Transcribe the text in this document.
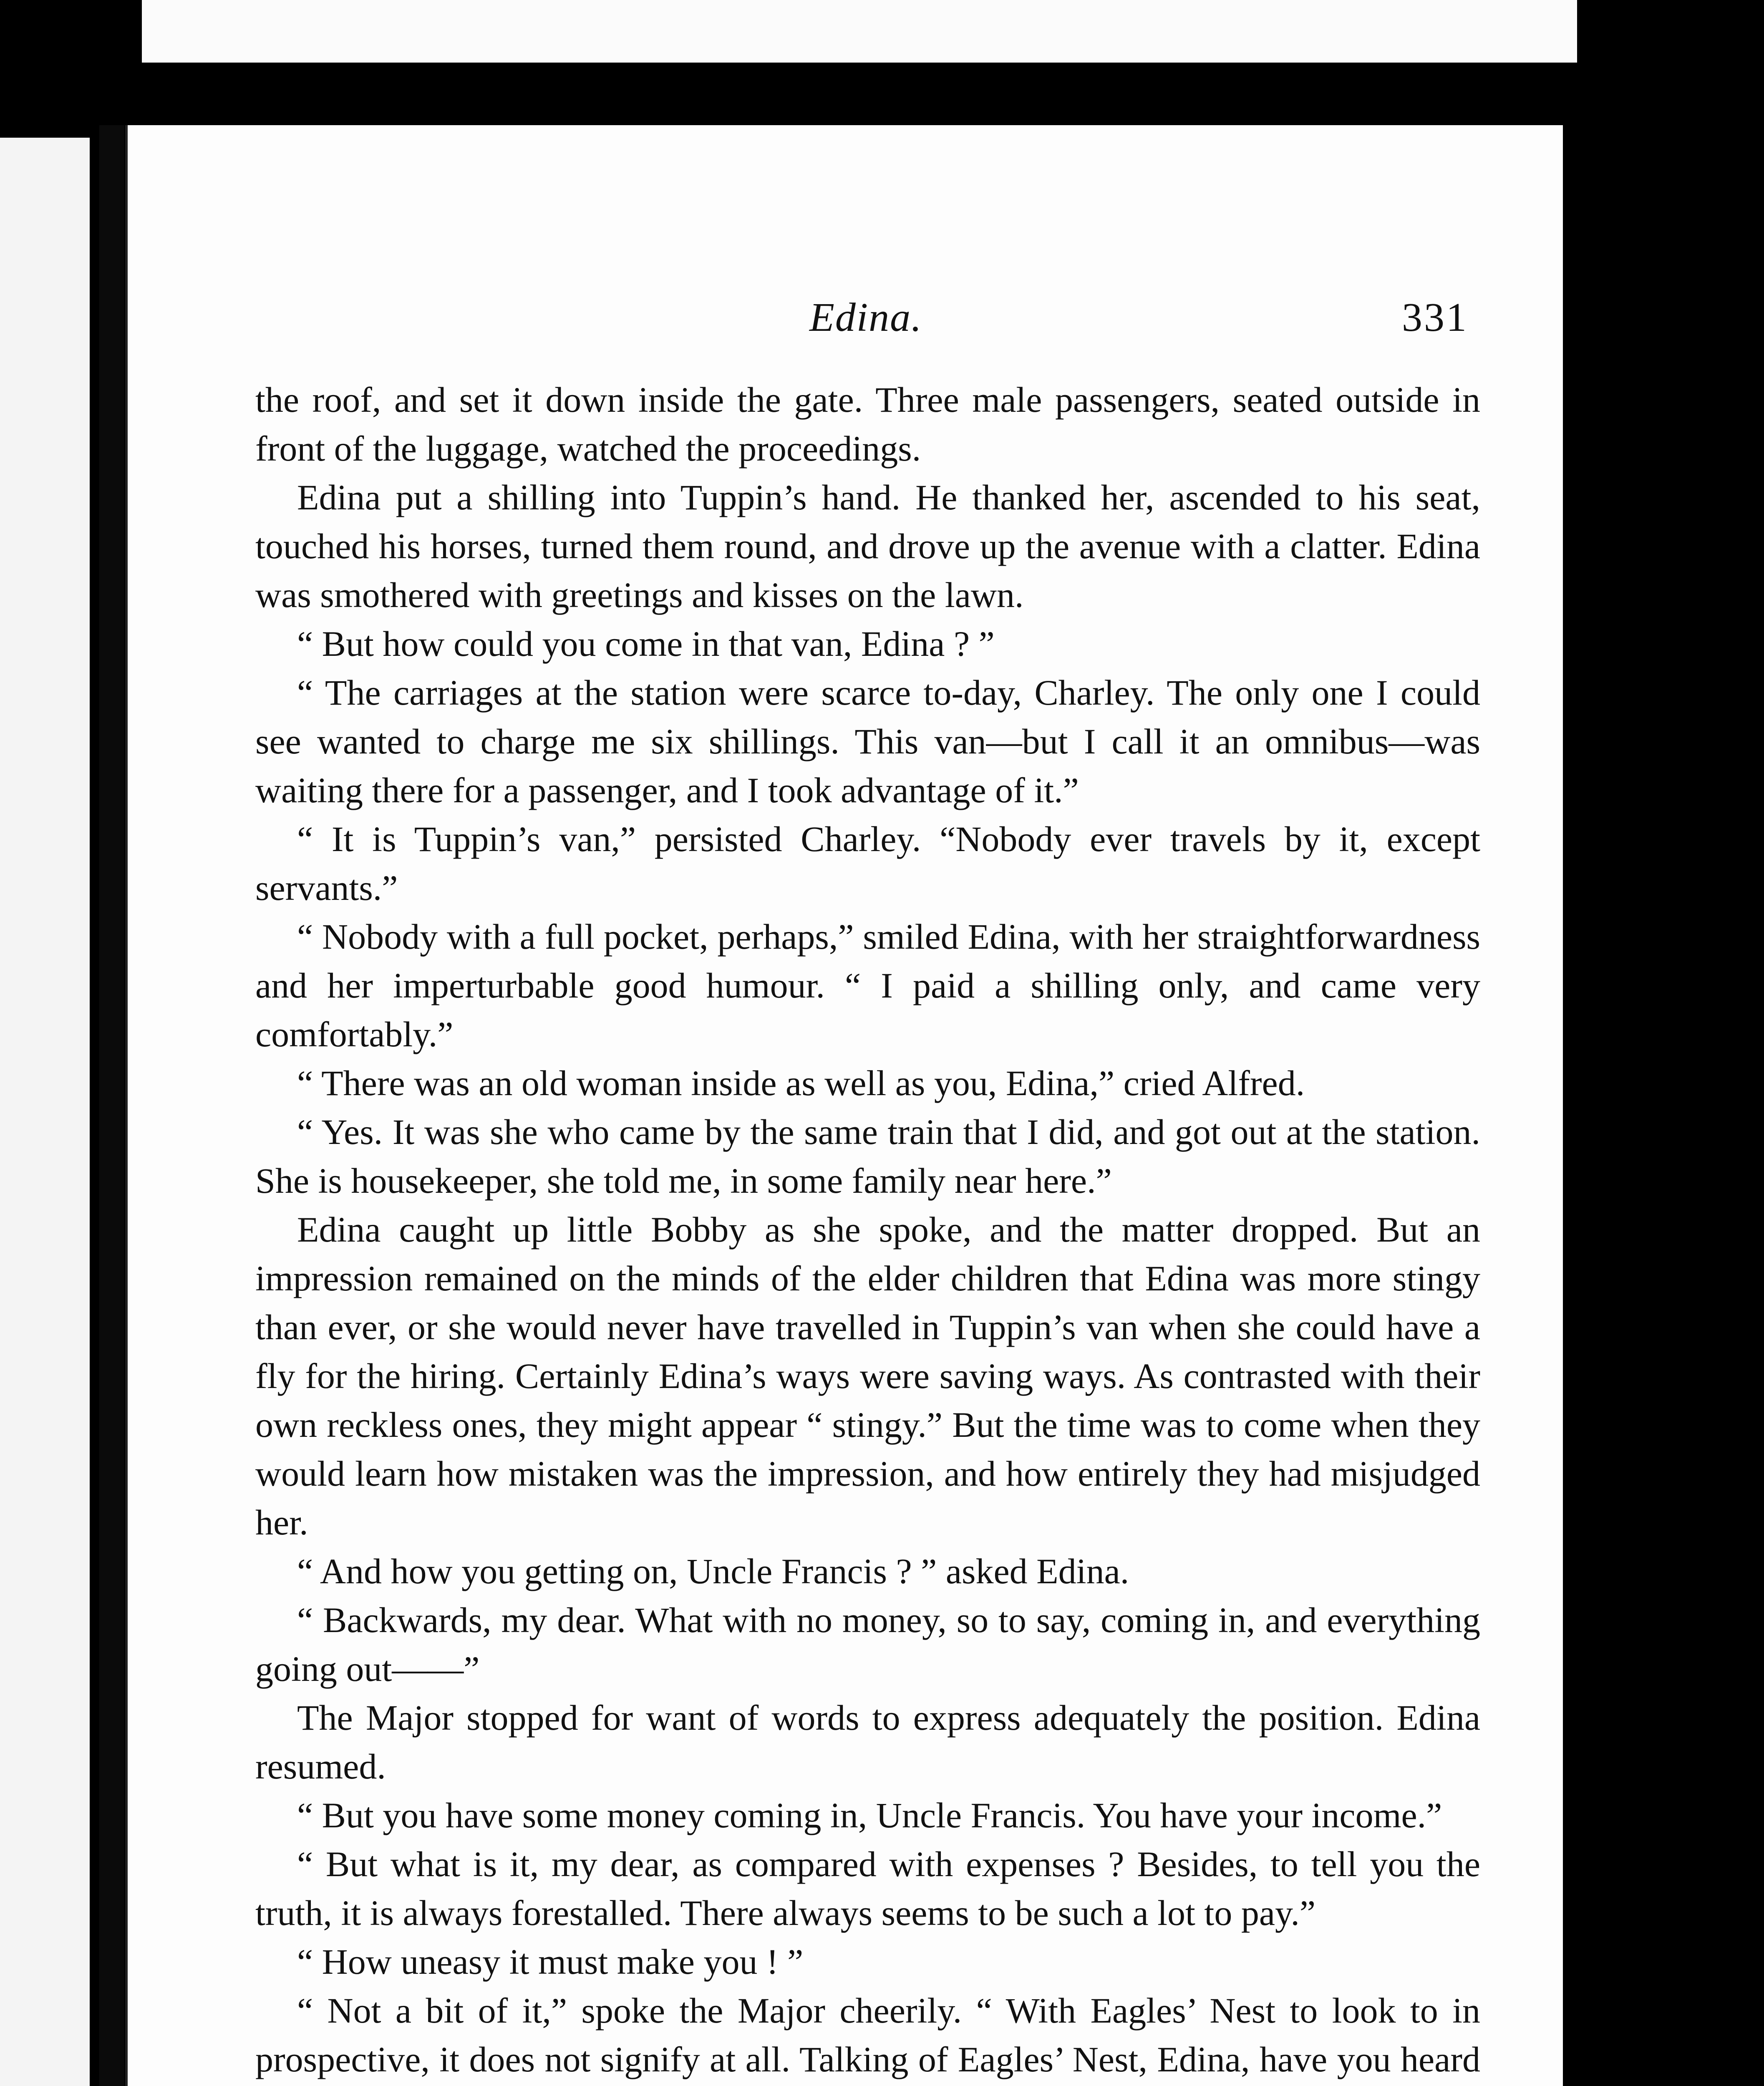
Edina.	331

the roof, and set it down inside the gate. Three male passengers, seated outside in front of the luggage, watched the proceedings.

Edina put a shilling into Tuppin’s hand. He thanked her, ascended to his seat, touched his horses, turned them round, and drove up the avenue with a clatter. Edina was smothered with greetings and kisses on the lawn.

“ But how could you come in that van, Edina ? ”

“ The carriages at the station were scarce to-day, Charley. The only one I could see wanted to charge me six shillings. This van—but I call it an omnibus—was waiting there for a passenger, and I took advantage of it.”

“ It is Tuppin’s van,” persisted Charley. “Nobody ever travels by it, except servants.”

“ Nobody with a full pocket, perhaps,” smiled Edina, with her straightforwardness and her imperturbable good humour. “ I paid a shilling only, and came very comfortably.”

“ There was an old woman inside as well as you, Edina,” cried Alfred.

“ Yes. It was she who came by the same train that I did, and got out at the station. She is housekeeper, she told me, in some family near here.”

Edina caught up little Bobby as she spoke, and the matter dropped. But an impression remained on the minds of the elder children that Edina was more stingy than ever, or she would never have travelled in Tuppin’s van when she could have a fly for the hiring. Certainly Edina’s ways were saving ways. As contrasted with their own reckless ones, they might appear “ stingy.” But the time was to come when they would learn how mistaken was the impression, and how entirely they had misjudged her.

“ And how you getting on, Uncle Francis ? ” asked Edina.

“ Backwards, my dear. What with no money, so to say, coming in, and everything going out——”

The Major stopped for want of words to express adequately the position. Edina resumed.

“ But you have some money coming in, Uncle Francis. You have your income.”

“ But what is it, my dear, as compared with expenses ? Besides, to tell you the truth, it is always forestalled. There always seems to be such a lot to pay.”

“ How uneasy it must make you ! ”

“ Not a bit of it,” spoke the Major cheerily. “ With Eagles’ Nest to look to in prospective, it does not signify at all. Talking of Eagles’ Nest, Edina, have you heard
